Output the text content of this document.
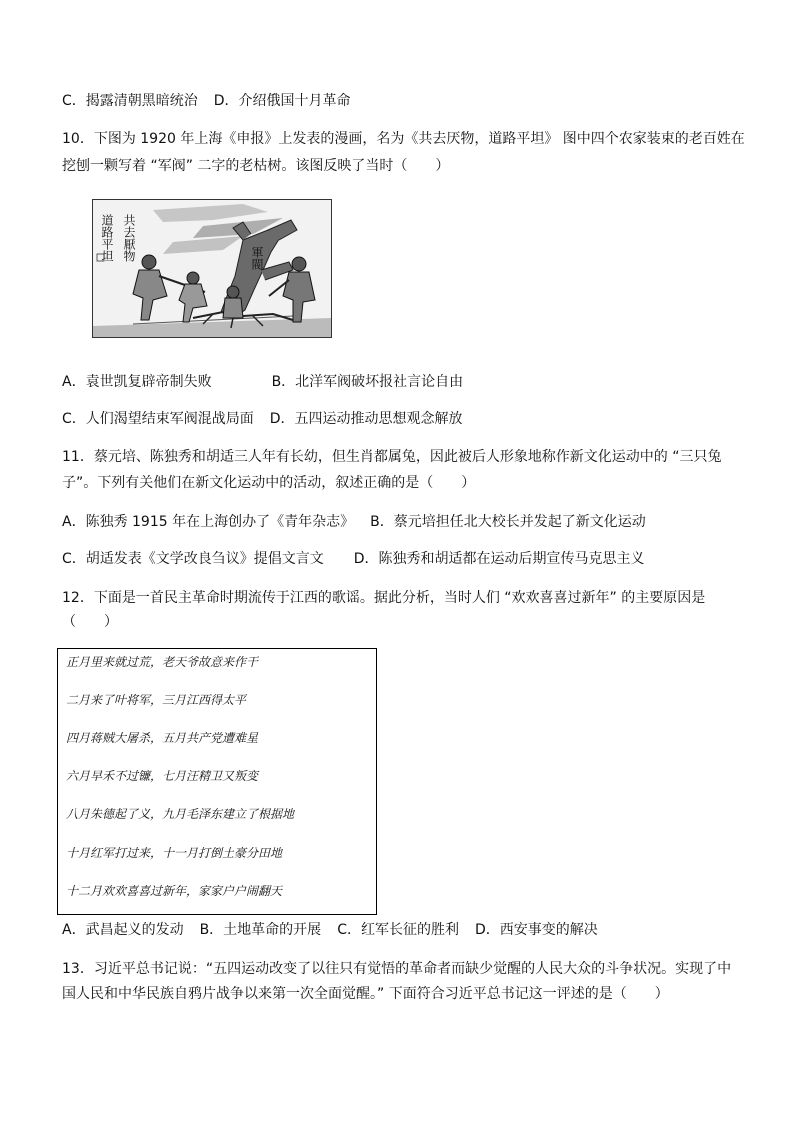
C．揭露清朝黑暗统治 D．介绍俄国十月革命
10．下图为 1920 年上海《申报》上发表的漫画，名为《共去厌物，道路平坦》 图中四个农家装束的老百姓在
挖刨一颗写着 “军阀” 二字的老枯树。该图反映了当时（　　）
共去厭物
道路平坦	軍閥
A．袁世凯复辟帝制失败	B．北洋军阀破坏报社言论自由
C．人们渴望结束军阀混战局面 D．五四运动推动思想观念解放
11．蔡元培、陈独秀和胡适三人年有长幼，但生肖都属兔，因此被后人形象地称作新文化运动中的 “三只兔
子”。下列有关他们在新文化运动中的活动，叙述正确的是（　　）
A．陈独秀 1915 年在上海创办了《青年杂志》 B．蔡元培担任北大校长并发起了新文化运动
C．胡适发表《文学改良刍议》提倡文言文 D．陈独秀和胡适都在运动后期宣传马克思主义
12．下面是一首民主革命时期流传于江西的歌谣。据此分析，当时人们 “欢欢喜喜过新年” 的主要原因是
（　　）
正月里来就过荒，老天爷故意来作干
二月来了叶将军，三月江西得太平
四月蒋贼大屠杀，五月共产党遭难星
六月早禾不过镰，七月汪精卫又叛变
八月朱德起了义，九月毛泽东建立了根据地
十月红军打过来，十一月打倒土豪分田地
十二月欢欢喜喜过新年，家家户户闹翻天
A．武昌起义的发动 B．土地革命的开展 C．红军长征的胜利 D．西安事变的解决
13．习近平总书记说：“五四运动改变了以往只有觉悟的革命者而缺少觉醒的人民大众的斗争状况。实现了中
国人民和中华民族自鸦片战争以来第一次全面觉醒。” 下面符合习近平总书记这一评述的是（　　）
